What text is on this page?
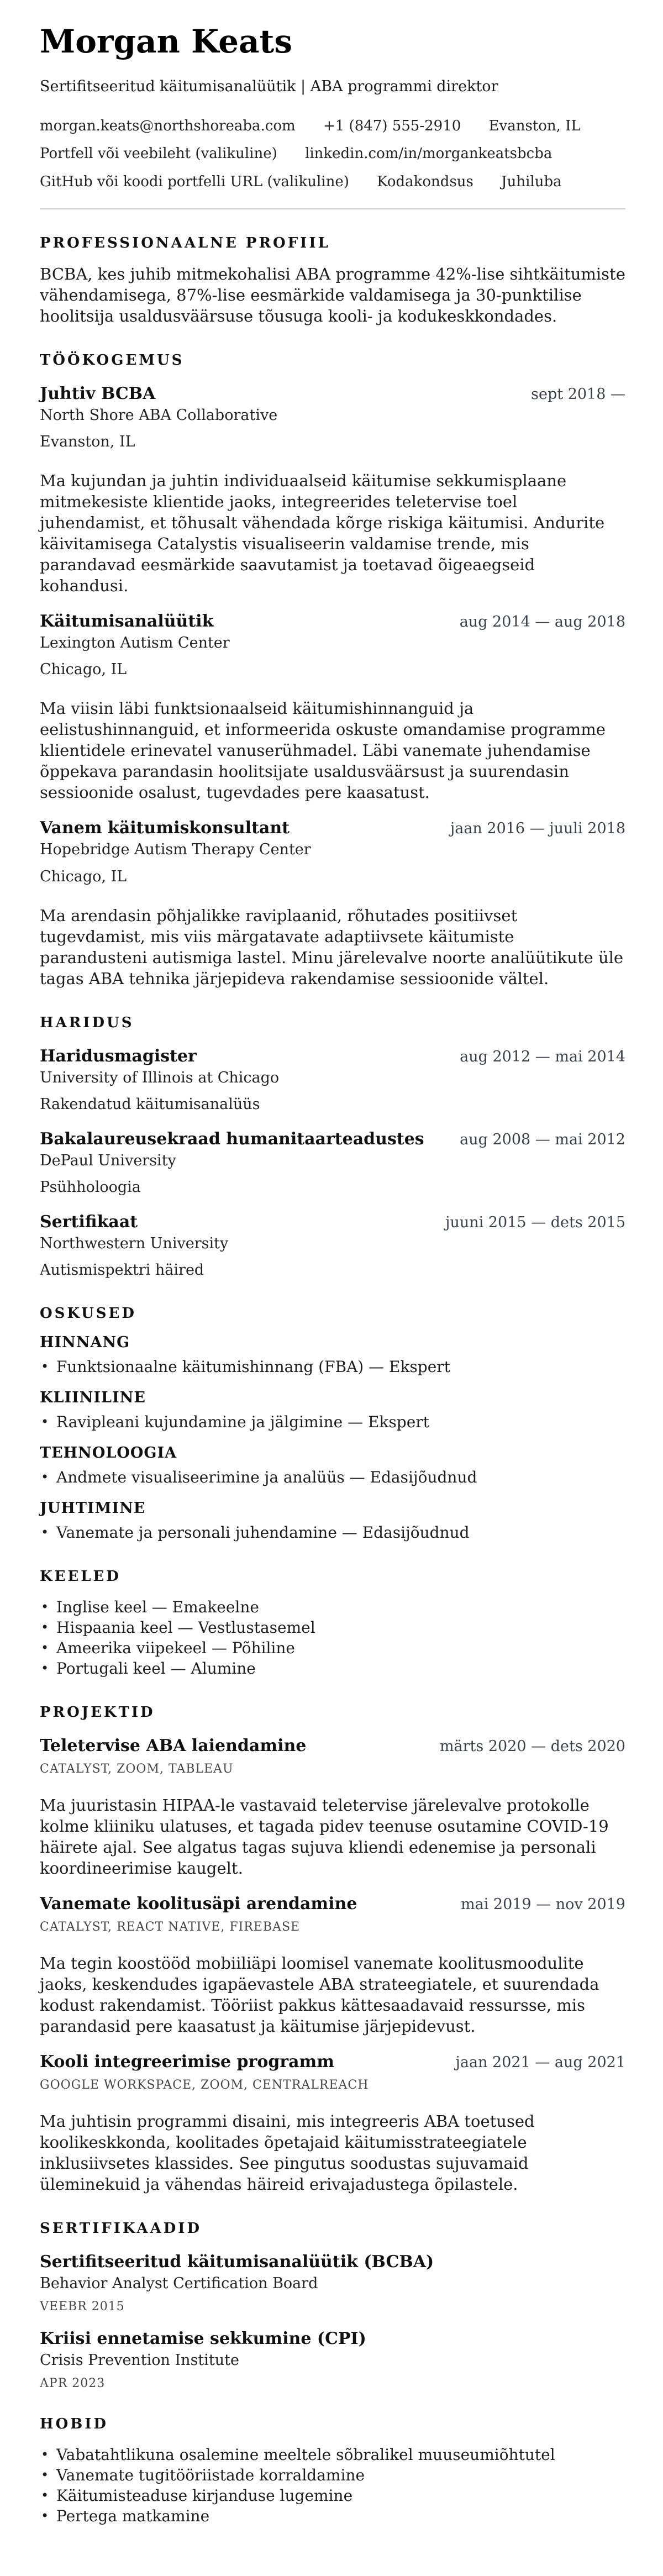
Morgan Keats
Sertifitseeritud käitumisanalüütik | ABA programmi direktor
morgan.keats@northshoreaba.com +1 (847) 555-2910 Evanston, IL
Portfell või veebileht (valikuline) linkedin.com/in/morgankeatsbcba
GitHub või koodi portfelli URL (valikuline) Kodakondsus Juhiluba
PROFESSIONAALNE PROFIIL

BCBA, kes juhib mitmekohalisi ABA programme 42%-lise sihtkäitumiste vähendamisega, 87%-lise eesmärkide valdamisega ja 30-punktilise hoolitsija usaldusväärsuse tõusuga kooli- ja kodukeskkondades.

TÖÖKOGEMUS
Juhtiv BCBA	sept 2018 —
North Shore ABA Collaborative
Evanston, IL

Ma kujundan ja juhtin individuaalseid käitumise sekkumisplaane mitmekesiste klientide jaoks, integreerides teletervise toel juhendamist, et tõhusalt vähendada kõrge riskiga käitumisi. Andurite käivitamisega Catalystis visualiseerin valdamise trende, mis parandavad eesmärkide saavutamist ja toetavad õigeaegseid kohandusi.

Käitumisanalüütik	aug 2014 — aug 2018
Lexington Autism Center
Chicago, IL

Ma viisin läbi funktsionaalseid käitumishinnanguid ja eelistushinnanguid, et informeerida oskuste omandamise programme klientidele erinevatel vanuserühmadel. Läbi vanemate juhendamise õppekava parandasin hoolitsijate usaldusväärsust ja suurendasin sessioonide osalust, tugevdades pere kaasatust.

Vanem käitumiskonsultant	jaan 2016 — juuli 2018
Hopebridge Autism Therapy Center
Chicago, IL

Ma arendasin põhjalikke raviplaanid, rõhutades positiivset tugevdamist, mis viis märgatavate adaptiivsete käitumiste parandusteni autismiga lastel. Minu järelevalve noorte analüütikute üle tagas ABA tehnika järjepideva rakendamise sessioonide vältel.

HARIDUS
Haridusmagister	aug 2012 — mai 2014
University of Illinois at Chicago
Rakendatud käitumisanalüüs
Bakalaureusekraad humanitaarteadustes aug 2008 — mai 2012
DePaul University
Psühholoogia
Sertifikaat	juuni 2015 — dets 2015
Northwestern University
Autismispektri häired
OSKUSED
HINNANG
• Funktsionaalne käitumishinnang (FBA) — Ekspert
KLIINILINE
• Ravipleani kujundamine ja jälgimine — Ekspert
TEHNOLOOGIA
• Andmete visualiseerimine ja analüüs — Edasijõudnud
JUHTIMINE
• Vanemate ja personali juhendamine — Edasijõudnud
KEELED
• Inglise keel — Emakeelne
• Hispaania keel — Vestlustasemel
• Ameerika viipekeel — Põhiline
• Portugali keel — Alumine
PROJEKTID
Teletervise ABA laiendamine	märts 2020 — dets 2020
CATALYST, ZOOM, TABLEAU

Ma juuristasin HIPAA-le vastavaid teletervise järelevalve protokolle kolme kliiniku ulatuses, et tagada pidev teenuse osutamine COVID-19 häirete ajal. See algatus tagas sujuva kliendi edenemise ja personali koordineerimise kaugelt.

Vanemate koolitusäpi arendamine	mai 2019 — nov 2019
CATALYST, REACT NATIVE, FIREBASE

Ma tegin koostööd mobiiliäpi loomisel vanemate koolitusmoodulite jaoks, keskendudes igapäevastele ABA strateegiatele, et suurendada kodust rakendamist. Tööriist pakkus kättesaadavaid ressursse, mis parandasid pere kaasatust ja käitumise järjepidevust.

Kooli integreerimise programm	jaan 2021 — aug 2021
GOOGLE WORKSPACE, ZOOM, CENTRALREACH

Ma juhtisin programmi disaini, mis integreeris ABA toetused koolikeskkonda, koolitades õpetajaid käitumisstrateegiatele inklusiivsetes klassides. See pingutus soodustas sujuvamaid üleminekuid ja vähendas häireid erivajadustega õpilastele.

SERTIFIKAADID
Sertifitseeritud käitumisanalüütik (BCBA)
Behavior Analyst Certification Board
VEEBR 2015
Kriisi ennetamise sekkumine (CPI)
Crisis Prevention Institute
APR 2023
HOBID
• Vabatahtlikuna osalemine meeltele sõbralikel muuseumiõhtutel
• Vanemate tugitööriistade korraldamine
• Käitumisteaduse kirjanduse lugemine
• Pertega matkamine
